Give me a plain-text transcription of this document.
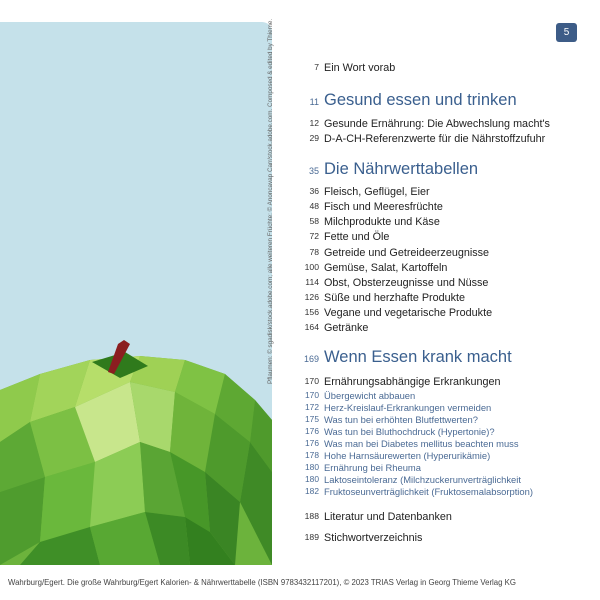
Pflaumen: © sgadisk/stock.adobe.com; alle weiteren Früchte: © Anoncavap Carr/stock.adobe.com. Composed & edited by Thieme.	5
7 Ein Wort vorab
11 Gesund essen und trinken
12 Gesunde Ernährung: Die Abwechslung macht's
29 D-A-CH-Referenzwerte für die Nährstoffzufuhr
35 Die Nährwerttabellen
36 Fleisch, Geflügel, Eier
48 Fisch und Meeresfrüchte
58 Milchprodukte und Käse
72 Fette und Öle
78 Getreide und Getreideerzeugnisse
100 Gemüse, Salat, Kartoffeln
114 Obst, Obsterzeugnisse und Nüsse
126 Süße und herzhafte Produkte
156 Vegane und vegetarische Produkte
164 Getränke
169 Wenn Essen krank macht
170 Ernährungsabhängige Erkrankungen
170 Übergewicht abbauen
172 Herz-Kreislauf-Erkrankungen vermeiden
175 Was tun bei erhöhten Blutfettwerten?
176 Was tun bei Bluthochdruck (Hypertonie)?
176 Was man bei Diabetes mellitus beachten muss
178 Hohe Harnsäurewerten (Hyperurikämie)
180 Ernährung bei Rheuma
180 Laktoseintoleranz (Milchzuckerunverträglichkeit
182 Fruktoseunverträglichkeit (Fruktosemalabsorption)
188 Literatur und Datenbanken
189 Stichwortverzeichnis
Wahrburg/Egert. Die große Wahrburg/Egert Kalorien- & Nährwerttabelle (ISBN 9783432117201), © 2023 TRIAS Verlag in Georg Thieme Verlag KG
